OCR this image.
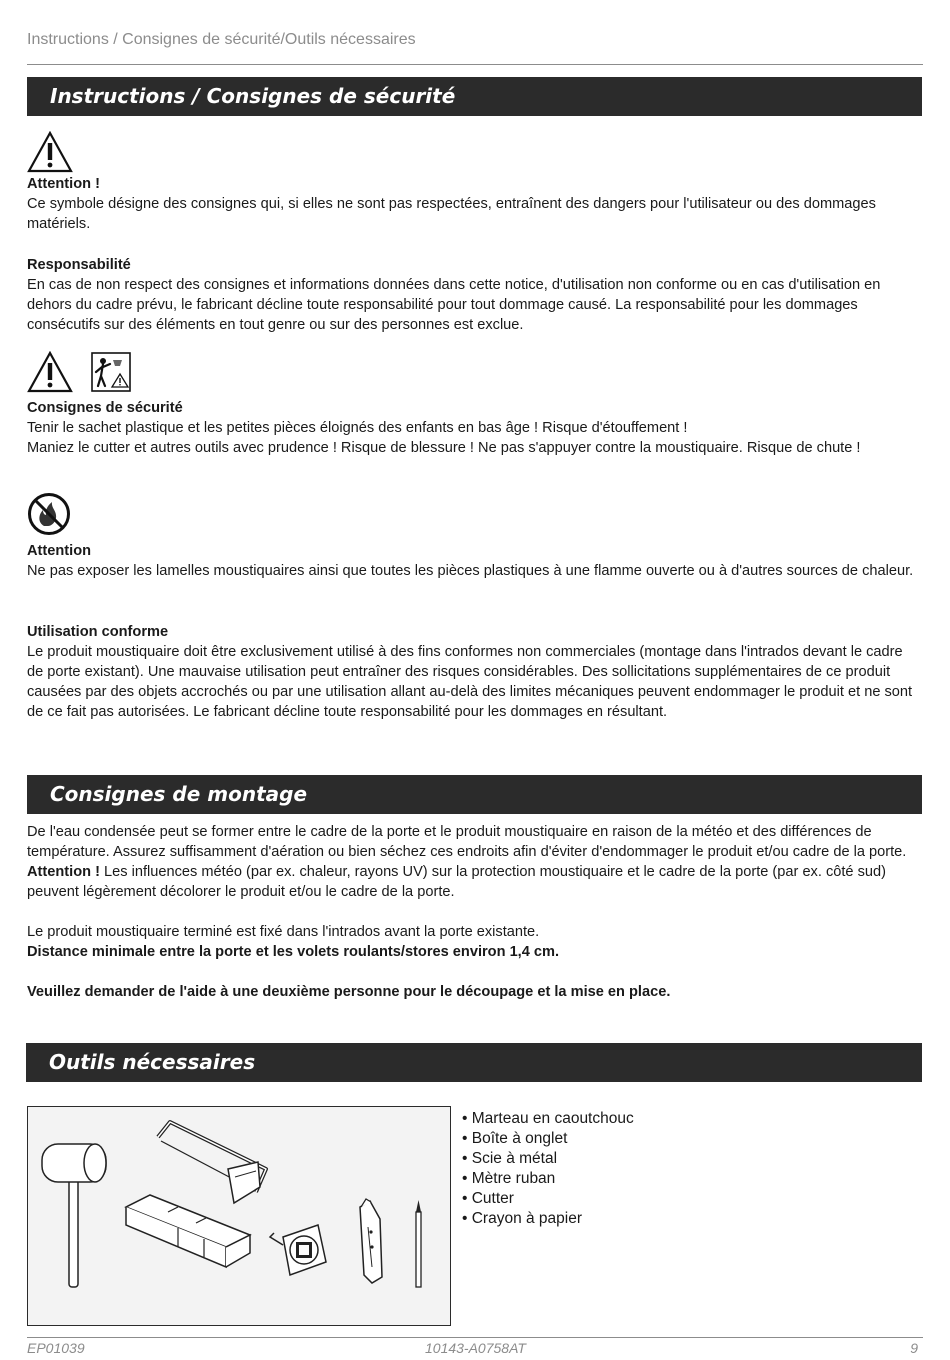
Instructions / Consignes de sécurité/Outils nécessaires
Instructions / Consignes de sécurité

Attention !

Ce symbole désigne des consignes qui, si elles ne sont pas respectées, entraînent des dangers pour l'utilisateur ou des dommages matériels.

Responsabilité

En cas de non respect des consignes et informations données dans cette notice, d'utilisation non conforme ou en cas d'utilisation en dehors du cadre prévu, le fabricant décline toute responsabilité pour tout dommage causé. La responsabilité pour les dommages consécutifs sur des éléments en tout genre ou sur des personnes est exclue.

Consignes de sécurité

Tenir le sachet plastique et les petites pièces éloignés des enfants en bas âge ! Risque d'étouffement !

Maniez le cutter et autres outils avec prudence ! Risque de blessure ! Ne pas s'appuyer contre la moustiquaire. Risque de chute !

Attention

Ne pas exposer les lamelles moustiquaires ainsi que toutes les pièces plastiques à une flamme ouverte ou à d'autres sources de chaleur.

Utilisation conforme

Le produit moustiquaire doit être exclusivement utilisé à des fins conformes non commerciales (montage dans l'intrados devant le cadre de porte existant). Une mauvaise utilisation peut entraîner des risques considérables. Des sollicitations supplémentaires de ce produit causées par des objets accrochés ou par une utilisation allant au-delà des limites mécaniques peuvent endommager le produit et ne sont de ce fait pas autorisées. Le fabricant décline toute responsabilité pour les dommages en résultant.

Consignes de montage

De l'eau condensée peut se former entre le cadre de la porte et le produit moustiquaire en raison de la météo et des différences de température. Assurez suffisamment d'aération ou bien séchez ces endroits afin d'éviter d'endommager le produit et/ou cadre de la porte. Attention ! Les influences météo (par ex. chaleur, rayons UV) sur la protection moustiquaire et le cadre de la porte (par ex. côté sud) peuvent légèrement décolorer le produit et/ou le cadre de la porte.

Le produit moustiquaire terminé est fixé dans l'intrados avant la porte existante.

Distance minimale entre la porte et les volets roulants/stores environ 1,4 cm.

Veuillez demander de l'aide à une deuxième personne pour le découpage et la mise en place.

Outils nécessaires
• Marteau en caoutchouc
• Boîte à onglet
• Scie à métal
• Mètre ruban
• Cutter
• Crayon à papier
EP01039	10143-A0758AT	9
